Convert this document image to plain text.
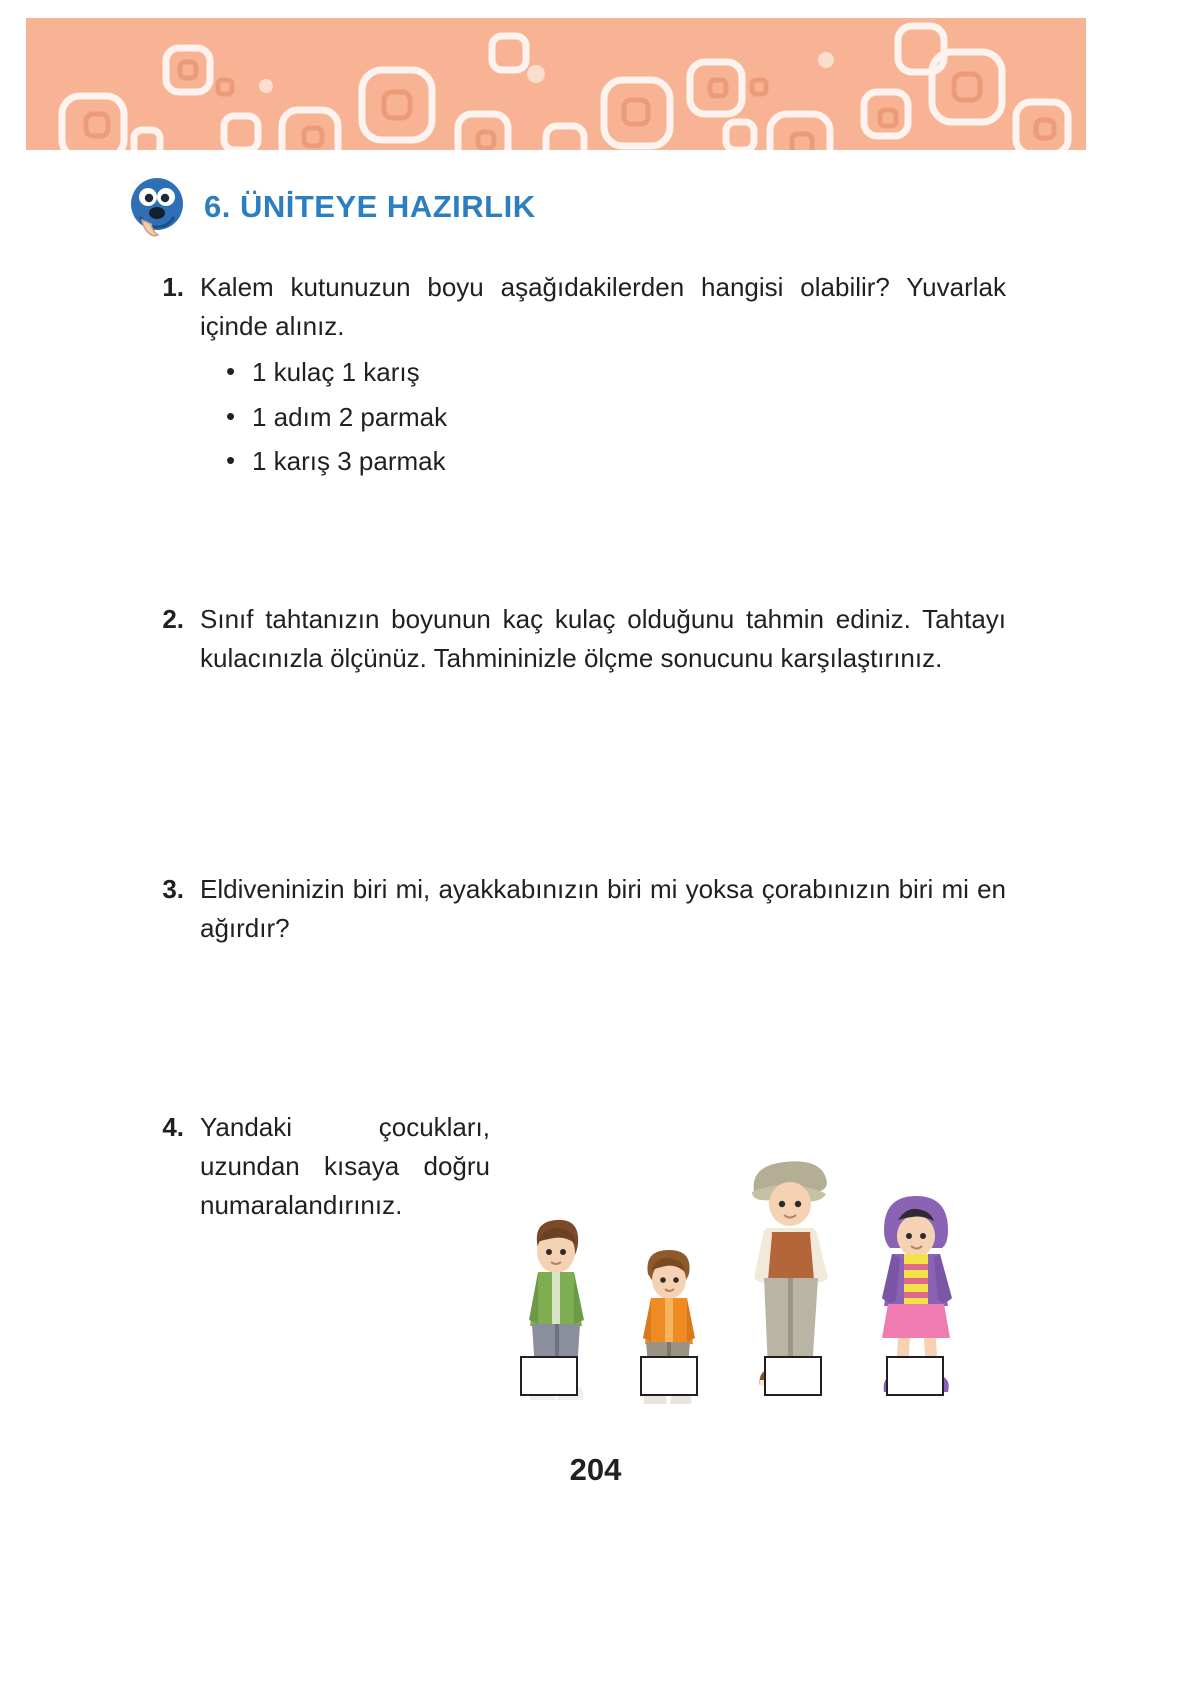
6. ÜNİTEYE HAZIRLIK
1. Kalem kutunuzun boyu aşağıdakilerden hangisi olabilir? Yuvarlak içinde alınız.

• 1 kulaç 1 karış
• 1 adım 2 parmak
• 1 karış 3 parmak
2. Sınıf tahtanızın boyunun kaç kulaç olduğunu tahmin ediniz. Tahtayı kulacınızla ölçünüz. Tahmininizle ölçme sonucunu karşılaştırınız.

3. Eldiveninizin biri mi, ayakkabınızın biri mi yoksa çorabınızın biri mi en ağırdır?

4. Yandaki çocukları, uzundan kısaya doğru numaralandırınız.

204
